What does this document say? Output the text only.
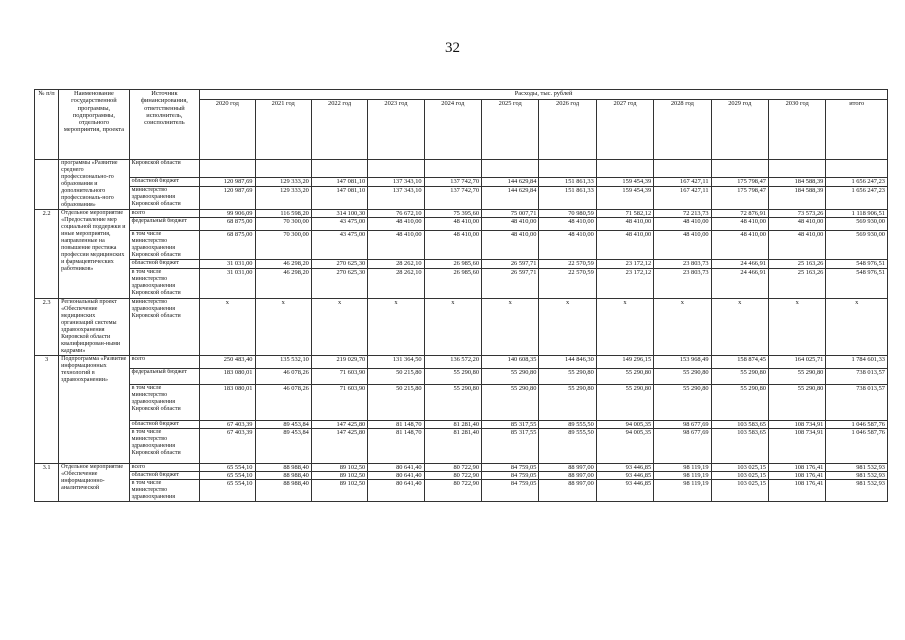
32
№ п/п	Наименование государственной программы, подпрограммы, отдельного мероприятия, проекта	Источник финансирования, ответственный исполнитель, соисполнитель	Расходы, тыс. рублей											
			2020 год	2021 год	2022 год	2023 год	2024 год	2025 год	2026 год	2027 год	2028 год	2029 год	2030 год	итого
	программы «Развитие среднего профессионально-го образования и дополнительного профессиональ-ного образования»	Кировской области												
		областной бюджет	120 987,69	129 333,20	147 081,10	137 343,10	137 742,70	144 629,84	151 861,33	159 454,39	167 427,11	175 798,47	184 588,39	1 656 247,23
		министерство здравоохранения Кировской области	120 987,69	129 333,20	147 081,10	137 343,10	137 742,70	144 629,84	151 861,33	159 454,39	167 427,11	175 798,47	184 588,39	1 656 247,23
2.2	Отдельное мероприятие «Предоставление мер социальной поддержки и иные мероприятия, направленные на повышение престижа профессии медицинских и фармацевтических работников»	всего	99 906,09	116 598,20	314 100,30	76 672,10	75 395,60	75 007,71	70 980,59	71 582,12	72 213,73	72 876,91	73 573,26	1 118 906,51
		федеральный бюджет	68 875,00	70 300,00	43 475,00	48 410,00	48 410,00	48 410,00	48 410,00	48 410,00	48 410,00	48 410,00	48 410,00	569 930,00
		в том числе министерство здравоохранения Кировской области	68 875,00	70 300,00	43 475,00	48 410,00	48 410,00	48 410,00	48 410,00	48 410,00	48 410,00	48 410,00	48 410,00	569 930,00
		областной бюджет	31 031,00	46 298,20	270 625,30	28 262,10	26 985,60	26 597,71	22 570,59	23 172,12	23 803,73	24 466,91	25 163,26	548 976,51
		в том числе министерство здравоохранения Кировской области	31 031,00	46 298,20	270 625,30	28 262,10	26 985,60	26 597,71	22 570,59	23 172,12	23 803,73	24 466,91	25 163,26	548 976,51
2.3	Региональный проект «Обеспечение медицинских организаций системы здравоохранения Кировской области квалифицирован-ными кадрами»	министерство здравоохранения Кировской области	х	х	х	х	х	х	х	х	х	х	х	х
3	Подпрограмма «Развитие информационных технологий в здравоохранении»	всего	250 483,40	135 532,10	219 029,70	131 364,50	136 572,20	140 608,35	144 846,30	149 296,15	153 968,49	158 874,45	164 025,71	1 784 601,33
		федеральный бюджет	183 080,01	46 078,26	71 603,90	50 215,80	55 290,80	55 290,80	55 290,80	55 290,80	55 290,80	55 290,80	55 290,80	738 013,57
		в том числе министерство здравоохранения Кировской области	183 080,01	46 078,26	71 603,90	50 215,80	55 290,80	55 290,80	55 290,80	55 290,80	55 290,80	55 290,80	55 290,80	738 013,57
		областной бюджет	67 403,39	89 453,84	147 425,80	81 148,70	81 281,40	85 317,55	89 555,50	94 005,35	98 677,69	103 583,65	108 734,91	1 046 587,76
		в том числе министерство здравоохранения Кировской области	67 403,39	89 453,84	147 425,80	81 148,70	81 281,40	85 317,55	89 555,50	94 005,35	98 677,69	103 583,65	108 734,91	1 046 587,76
3.1	Отдельное мероприятие «Обеспечение информационно-аналитической	всего	65 554,10	88 988,40	89 102,50	80 641,40	80 722,90	84 759,05	88 997,00	93 446,85	98 119,19	103 025,15	108 176,41	981 532,93
		областной бюджет	65 554,10	88 988,40	89 102,50	80 641,40	80 722,90	84 759,05	88 997,00	93 446,85	98 119,19	103 025,15	108 176,41	981 532,93
		в том числе министерство здравоохранения	65 554,10	88 988,40	89 102,50	80 641,40	80 722,90	84 759,05	88 997,00	93 446,85	98 119,19	103 025,15	108 176,41	981 532,93
